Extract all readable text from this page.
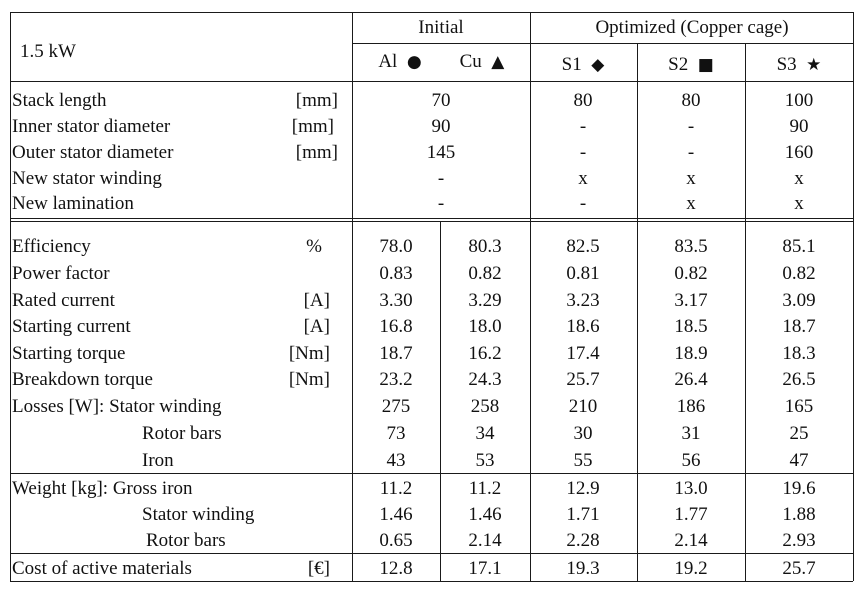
1.5 kW
Initial	Optimized (Copper cage)
Al ● Cu ▲	S1 ◆	S2 ■	S3 ★
Stack length	[mm]	70	80	80	100
Inner stator diameter	[mm]	90	-	-	90
Outer stator diameter	[mm]	145	-	-	160
New stator winding	-	x	x	x
New lamination	-	-	x	x
Efficiency	%	78.0	80.3	82.5	83.5	85.1
Power factor	0.83	0.82	0.81	0.82	0.82
Rated current	[A]	3.30	3.29	3.23	3.17	3.09
Starting current	[A]	16.8	18.0	18.6	18.5	18.7
Starting torque	[Nm]	18.7	16.2	17.4	18.9	18.3
Breakdown torque	[Nm]	23.2	24.3	25.7	26.4	26.5
Losses [W]: Stator winding	275	258	210	186	165
Rotor bars	73	34	30	31	25
Iron	43	53	55	56	47
Weight [kg]: Gross iron	11.2	11.2	12.9	13.0	19.6
Stator winding	1.46	1.46	1.71	1.77	1.88
Rotor bars	0.65	2.14	2.28	2.14	2.93
Cost of active materials	[€]	12.8	17.1	19.3	19.2	25.7
